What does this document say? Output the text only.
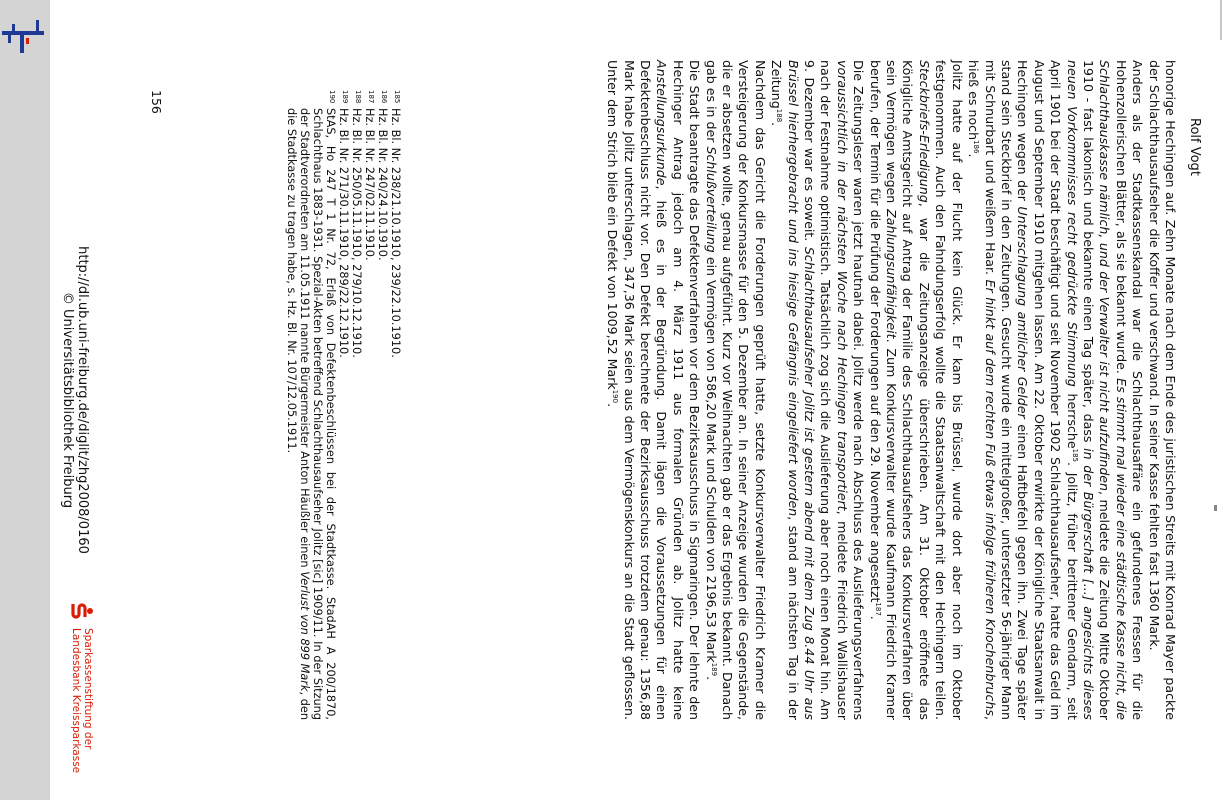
Rolf Vogt

honorige Hechingen auf. Zehn Monate nach dem Ende des juristischen Streits mit Konrad Mayer packte der Schlachthausaufseher die Koffer und verschwand. In seiner Kasse fehlten fast 1360 Mark.

Anders als der Stadtkassenskandal war die Schlachthausaffäre ein gefundenes Fressen für die Hohenzollerischen Blätter, als sie bekannt wurde. Es stimmt mal wieder eine städtische Kasse nicht, die Schlachthauskasse nämlich, und der Verwalter ist nicht aufzufinden, meldete die Zeitung Mitte Oktober 1910 - fast lakonisch und bekannte einen Tag später, dass in der Bürgerschaft [...] angesichts dieses neuen Vorkommnisses recht gedrückte Stimmung herrsche$^{185}$. Jolitz, früher berittener Gendarm, seit April 1901 bei der Stadt beschäftigt und seit November 1902 Schlachthausaufseher, hatte das Geld im August und September 1910 mitgehen lassen. Am 22. Oktober erwirkte der Königliche Staatsanwalt in Hechingen wegen der Unterschlagung amtlicher Gelder einen Haftbefehl gegen ihn. Zwei Tage später stand sein Steckbrief in den Zeitungen. Gesucht wurde ein mittelgroßer, untersetzter 56-jähriger Mann mit Schnurbart und weißem Haar. Er hinkt auf dem rechten Fuß etwas infolge früheren Knochenbruchs, hieß es noch$^{186}$.

Jolitz hatte auf der Flucht kein Glück. Er kam bis Brüssel, wurde dort aber noch im Oktober festgenommen. Auch den Fahndungserfolg wollte die Staatsanwaltschaft mit den Hechingern teilen. Steckbriefs-Erledigung, war die Zeitungsanzeige überschrieben. Am 31. Oktober eröffnete das Königliche Amtsgericht auf Antrag der Familie des Schlachthausaufsehers das Konkursverfahren über sein Vermögen wegen Zahlungsunfähigkeit. Zum Konkursverwalter wurde Kaufmann Friedrich Kramer berufen, der Termin für die Prüfung der Forderungen auf den 29. November angesetzt$^{187}$.

Die Zeitungsleser waren jetzt hautnah dabei. Jolitz werde nach Abschluss des Auslieferungsverfahrens voraussichtlich in der nächsten Woche nach Hechingen transportiert, meldete Friedrich Wallishauser nach der Festnahme optimistisch. Tatsächlich zog sich die Auslieferung aber noch einen Monat hin. Am 9. Dezember war es soweit. Schlachthausaufseher Jolitz ist gestern abend mit dem Zug 8.44 Uhr aus Brüssel hierhergebracht und ins hiesige Gefängnis eingeliefert worden, stand am nächsten Tag in der Zeitung$^{188}$.

Nachdem das Gericht die Forderungen geprüft hatte, setzte Konkursverwalter Friedrich Kramer die Versteigerung der Konkursmasse für den 5. Dezember an. In seiner Anzeige wurden die Gegenstände, die er absetzen wollte, genau aufgeführt. Kurz vor Weihnachten gab er das Ergebnis bekannt. Danach gab es in der Schlußverteilung ein Vermögen von 586,20 Mark und Schulden von 2196,53 Mark$^{189}$.

Die Stadt beantragte das Defektenverfahren vor dem Bezirksausschuss in Sigmaringen. Der lehnte den Hechinger Antrag jedoch am 4. März 1911 aus formalen Gründen ab. Jolitz hatte keine Anstellungsurkunde, hieß es in der Begründung. Damit lägen die Voraussetzungen für einen Defektenbeschluss nicht vor. Den Defekt berechnete der Bezirksausschuss trotzdem genau: 1356,88 Mark habe Jolitz unterschlagen, 347,36 Mark seien aus dem Vermögenskonkurs an die Stadt geflossen. Unter dem Strich blieb ein Defekt von 1009,52 Mark$^{190}$.

185
Hz. Bl. Nr. 238/21.10.1910, 239/22.10.1910.
186
Hz. Bl. Nr. 240/24.10.1910.
187
Hz. Bl. Nr. 247/02.11.1910.
188
Hz. Bl. Nr. 250/05.11.1910, 279/10.12.1910.
189
Hz. Bl. Nr. 271/30.11.1910, 289/22.12.1910.
190
StAS, Ho 247 T 1 Nr. 72, Erlaß von Defektenbeschlüssen bei der Stadtkasse. StadAH A 200/1870, Schlachthaus 1883-1931. Spezial-Akten betreffend Schlachthausaufseher Jolitz [sic] 1909/11. In der Sitzung der Stadtverordneten am 11.05.1911 nannte Bürgermeister Anton Häußler einen Verlust von 899 Mark, den die Stadtkasse zu tragen habe, s. Hz. Bl. Nr. 107/12.05.1911.
156
http://dl.ub.uni-freiburg.de/diglit/zhg2008/0160
© Universitätsbibliothek Freiburg
Sparkassenstiftung der
Landesbank Kreissparkasse
